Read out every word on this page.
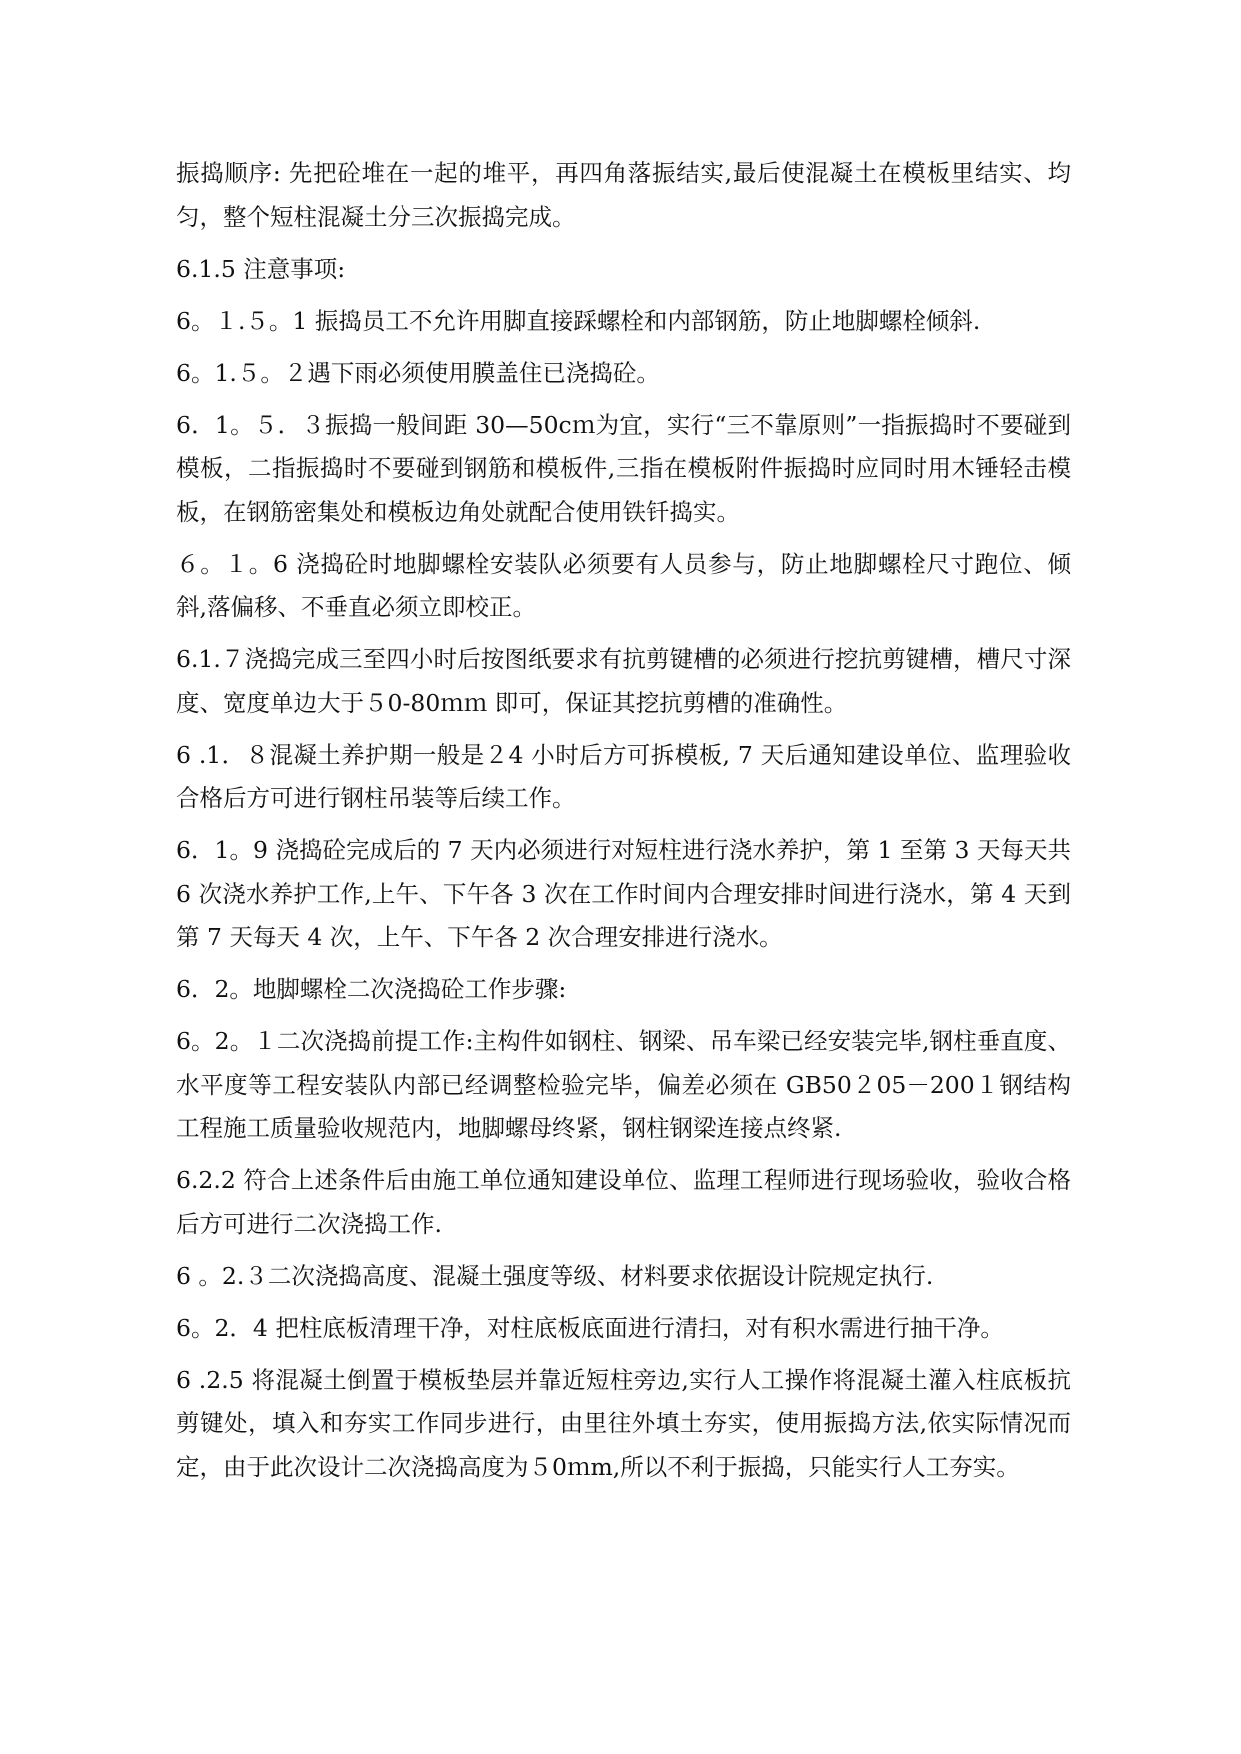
振捣顺序: 先把砼堆在一起的堆平，再四角落振结实,最后使混凝土在模板里结实、均匀，整个短柱混凝土分三次振捣完成。

6.1.5 注意事项:

6。１.５。1 振捣员工不允许用脚直接踩螺栓和内部钢筋，防止地脚螺栓倾斜.

6。1.５。２遇下雨必须使用膜盖住已浇捣砼。

6．1。５．３振捣一般间距 30—50cｍ为宜，实行“三不靠原则”一指振捣时不要碰到模板，二指振捣时不要碰到钢筋和模板件,三指在模板附件振捣时应同时用木锤轻击模板，在钢筋密集处和模板边角处就配合使用铁钎捣实。

６。１。6 浇捣砼时地脚螺栓安装队必须要有人员参与，防止地脚螺栓尺寸跑位、倾斜,落偏移、不垂直必须立即校正。

6.1.７浇捣完成三至四小时后按图纸要求有抗剪键槽的必须进行挖抗剪键槽，槽尺寸深度、宽度单边大于５0-80ｍｍ 即可，保证其挖抗剪槽的准确性。

6 .1．８混凝土养护期一般是２4 小时后方可拆模板, 7 天后通知建设单位、监理验收合格后方可进行钢柱吊装等后续工作。

6．1。9 浇捣砼完成后的 7 天内必须进行对短柱进行浇水养护，第 1 至第 3 天每天共 6 次浇水养护工作,上午、下午各 3 次在工作时间内合理安排时间进行浇水，第 4 天到第 7 天每天 4 次，上午、下午各 2 次合理安排进行浇水。

6．2。地脚螺栓二次浇捣砼工作步骤:

6。2。１二次浇捣前提工作:主构件如钢柱、钢梁、吊车梁已经安装完毕,钢柱垂直度、水平度等工程安装队内部已经调整检验完毕，偏差必须在 GB50２05－200１钢结构工程施工质量验收规范内，地脚螺母终紧，钢柱钢梁连接点终紧.

6.2.2 符合上述条件后由施工单位通知建设单位、监理工程师进行现场验收，验收合格后方可进行二次浇捣工作.

6 。2.３二次浇捣高度、混凝土强度等级、材料要求依据设计院规定执行.

6。2．4 把柱底板清理干净，对柱底板底面进行清扫，对有积水需进行抽干净。

6 .2.5 将混凝土倒置于模板垫层并靠近短柱旁边,实行人工操作将混凝土灌入柱底板抗剪键处，填入和夯实工作同步进行，由里往外填土夯实，使用振捣方法,依实际情况而定，由于此次设计二次浇捣高度为５0ｍm,所以不利于振捣，只能实行人工夯实。
